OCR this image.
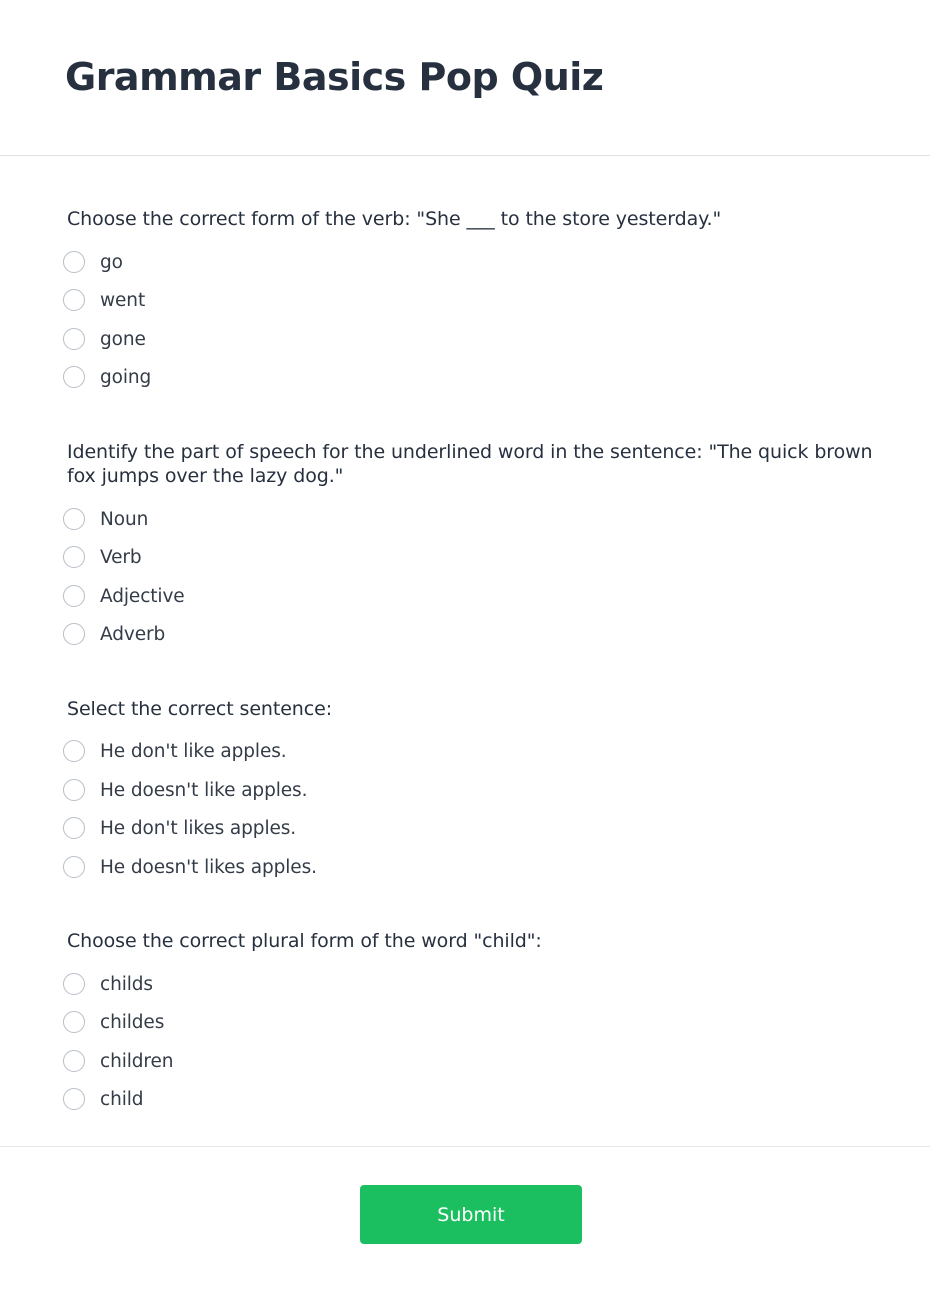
Grammar Basics Pop Quiz

Choose the correct form of the verb: "She ___ to the store yesterday."

go
went
gone
going

Identify the part of speech for the underlined word in the sentence: "The quick brown fox jumps over the lazy dog."

Noun
Verb
Adjective
Adverb

Select the correct sentence:

He don't like apples.
He doesn't like apples.
He don't likes apples.
He doesn't likes apples.

Choose the correct plural form of the word "child":

childs
childes
children
child
Submit
